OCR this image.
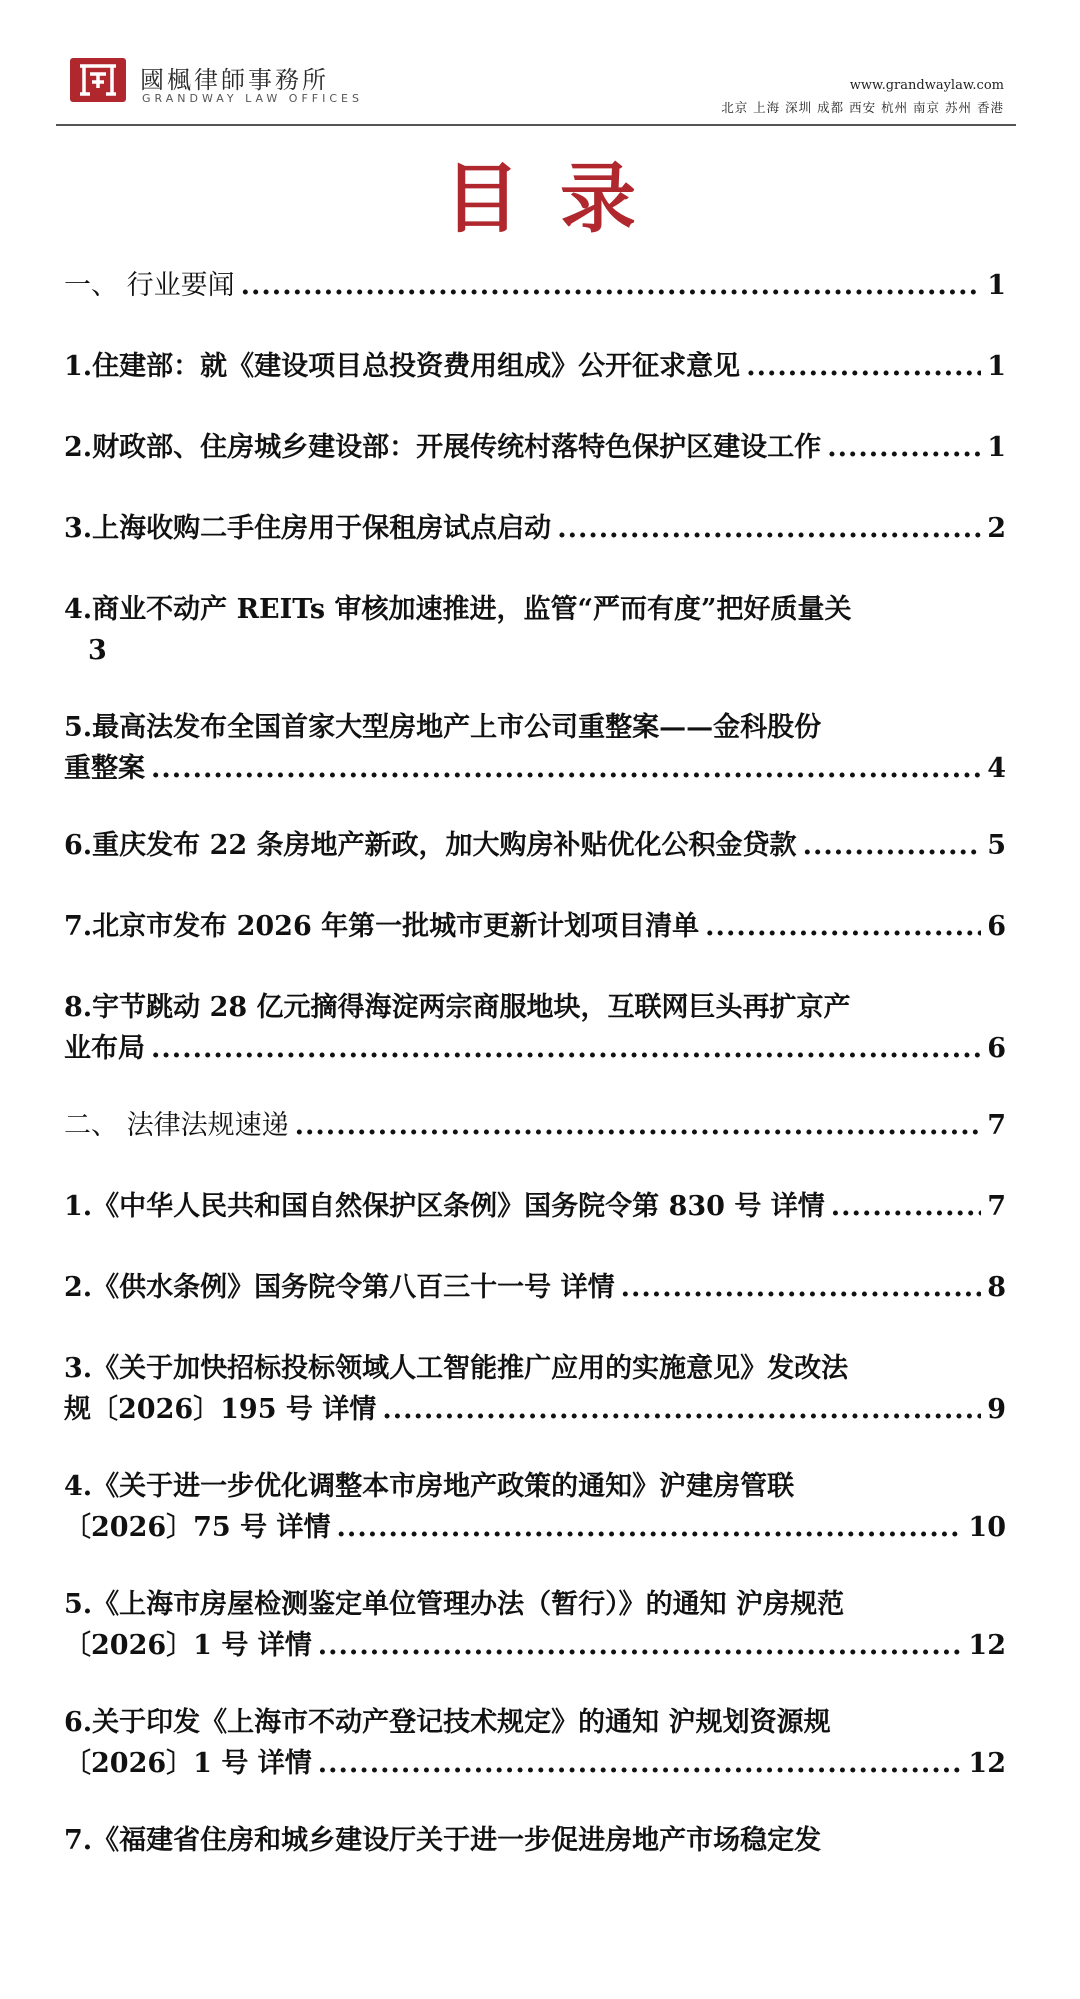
國楓律師事務所
GRANDWAY LAW OFFICES
www.grandwaylaw.com
北京 上海 深圳 成都 西安 杭州 南京 苏州 香港
目录
一、 行业要闻 .....	1
1.住建部：就《建设项目总投资费用组成》公开征求意见 .....	1
2.财政部、住房城乡建设部：开展传统村落特色保护区建设工作 .....	1
3.上海收购二手住房用于保租房试点启动 .....	2
4.商业不动产 REITs 审核加速推进，监管“严而有度”把好质量关
3
5.最高法发布全国首家大型房地产上市公司重整案——金科股份
重整案 .....	4
6.重庆发布 22 条房地产新政，加大购房补贴优化公积金贷款 .....	5
7.北京市发布 2026 年第一批城市更新计划项目清单 .....	6
8.宇节跳动 28 亿元摘得海淀两宗商服地块，互联网巨头再扩京产
业布局 .....	6
二、 法律法规速递 .....	7
1.《中华人民共和国自然保护区条例》国务院令第 830 号 详情 .....	7
2.《供水条例》国务院令第八百三十一号 详情 .....	8
3.《关于加快招标投标领域人工智能推广应用的实施意见》发改法
规〔2026〕195 号 详情 .....	9
4.《关于进一步优化调整本市房地产政策的通知》沪建房管联
〔2026〕75 号 详情 .....	10
5.《上海市房屋检测鉴定单位管理办法（暂行）》的通知 沪房规范
〔2026〕1 号 详情 .....	12
6.关于印发《上海市不动产登记技术规定》的通知 沪规划资源规
〔2026〕1 号 详情 .....	12
7.《福建省住房和城乡建设厅关于进一步促进房地产市场稳定发
